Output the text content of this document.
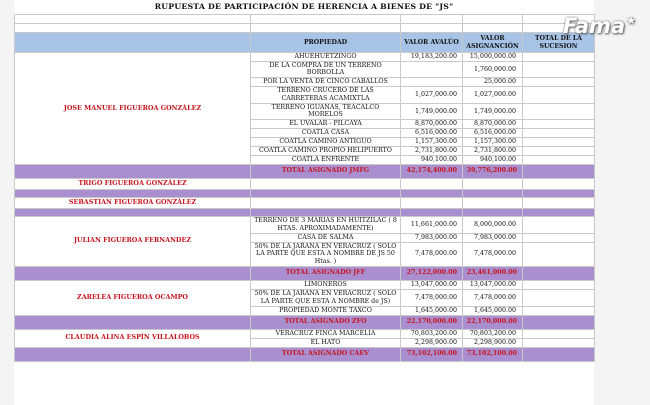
RUPUESTA DE PARTICIPACIÓN DE HERENCIA A BIENES DE "JS"

	PROPIEDAD	VALOR AVALÚO	VALOR ASIGNANCIÓN	TOTAL DE LA SUCESION
JOSE MANUEL FIGUEROA GONZÁLEZ	AHUEHUETZINGO	19,183,200.00	15,000,000.00	
	DE LA COMPRA DE UN TERRENO BORBOLLA		1,760,000.00	
	POR LA VENTA DE CINCO CABALLOS		25,000.00	
	TERRENO CRUCERO DE LAS CARRETERAS ACAMIXTLA	1,027,000.00	1,027,000.00	
	TERRENO IGUANAS, TEACALCO MORELOS	1,749,000.00	1,749,000.00	
	EL UVALAR - PILCAYA	8,870,000.00	8,870,000.00	
	COATLA CASA	6,516,000.00	6,516,000.00	
	COATLA CAMINO ANTIGUO	1,157,300.00	1,157,300.00	
	COATLA CAMINO PROPIO HELIPUERTO	2,731,800.00	2,731,800.00	
	COATLA ENFRENTE	940,100.00	940,100.00	
	TOTAL ASIGNADO JMFG	42,174,400.00	39,776,200.00	
TRIGO FIGUEROA GONZÁLEZ				

SEBASTIAN FIGUEROA GONZÁLEZ				

JULIAN FIGUEROA FERNANDEZ	TERRENO DE 3 MARIAS EN HUITZILAC ( 8 HTAS. APROXIMADAMENTE)	11,661,000.00	8,000,000.00	
	CASA DE SALMA	7,983,000.00	7,983,000.00	
	50% DE LA JARANA EN VERACRUZ ( SOLO LA PARTE QUE ESTA A NOMBRE DE JS 50 Htas. )	7,478,000.00	7,478,000.00	
	TOTAL ASIGNADO JFF	27,122,000.00	23,461,000.00	
ZARELEA FIGUEROA OCAMPO	LIMONEROS	13,047,000.00	13,047,000.00	
	50% DE LA JARANA EN VERACRUZ ( SOLO LA PARTE QUE ESTA A NOMBRE de JS)	7,478,000.00	7,478,000.00	
	PROPIEDAD MONTE TAXCO	1,645,000.00	1,645,000.00	
	TOTAL ASIGNADO ZFO	22,170,000.00	22,170,000.00	
CLAUDIA ALINA ESPÍN VILLALOBOS	VERACRUZ FINCA MARCELIA	70,803,200.00	70,803,200.00	
	EL HATO	2,298,900.00	2,298,900.00	
	TOTAL ASIGNADO CAEV	73,102,100.00	73,102,100.00	
Fama★
